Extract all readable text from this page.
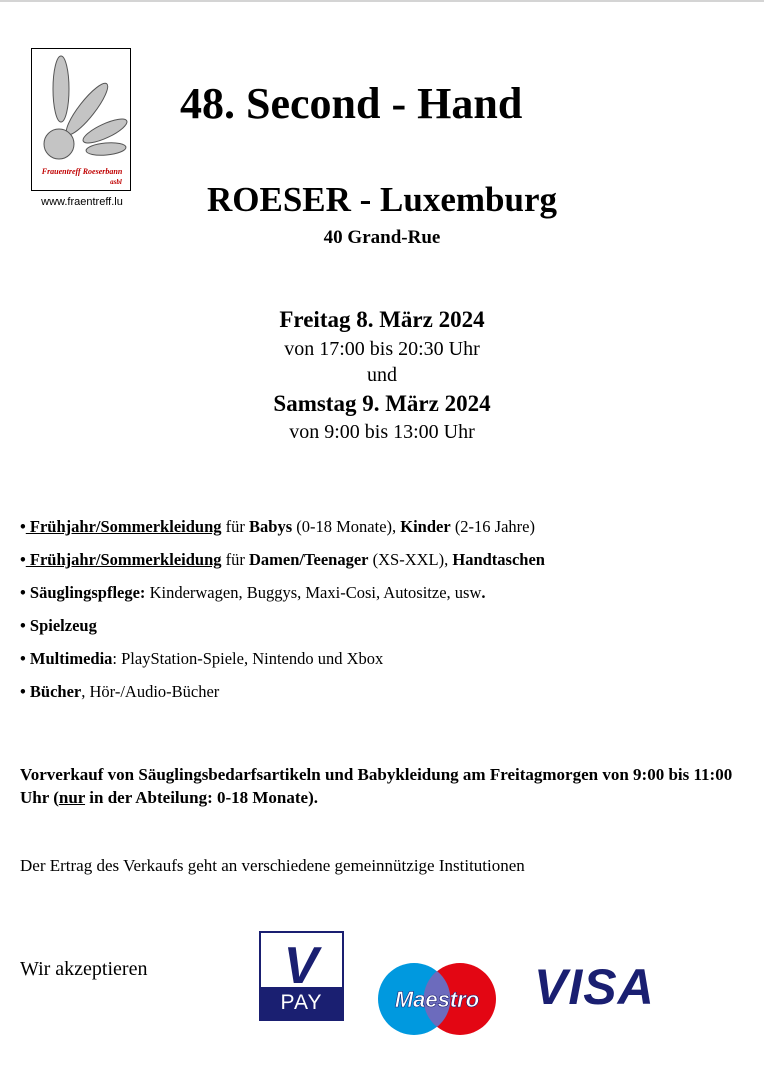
Frauentreff Roeserbann
asbl
www.fraentreff.lu
48. Second - Hand
ROESER - Luxemburg
40 Grand-Rue
Freitag 8. März 2024
von 17:00 bis 20:30 Uhr
und
Samstag 9. März 2024
von 9:00 bis 13:00 Uhr
• Frühjahr/Sommerkleidung für Babys (0-18 Monate), Kinder (2-16 Jahre)
• Frühjahr/Sommerkleidung für Damen/Teenager (XS-XXL), Handtaschen
• Säuglingspflege: Kinderwagen, Buggys, Maxi-Cosi, Autositze, usw.
• Spielzeug
• Multimedia: PlayStation-Spiele, Nintendo und Xbox
• Bücher, Hör-/Audio-Bücher
Vorverkauf von Säuglingsbedarfsartikeln und Babykleidung am Freitagmorgen von 9:00 bis 11:00 Uhr (nur in der Abteilung: 0-18 Monate).
Der Ertrag des Verkaufs geht an verschiedene gemeinnützige Institutionen
Wir akzeptieren	V
PAY	Maestro VISA
